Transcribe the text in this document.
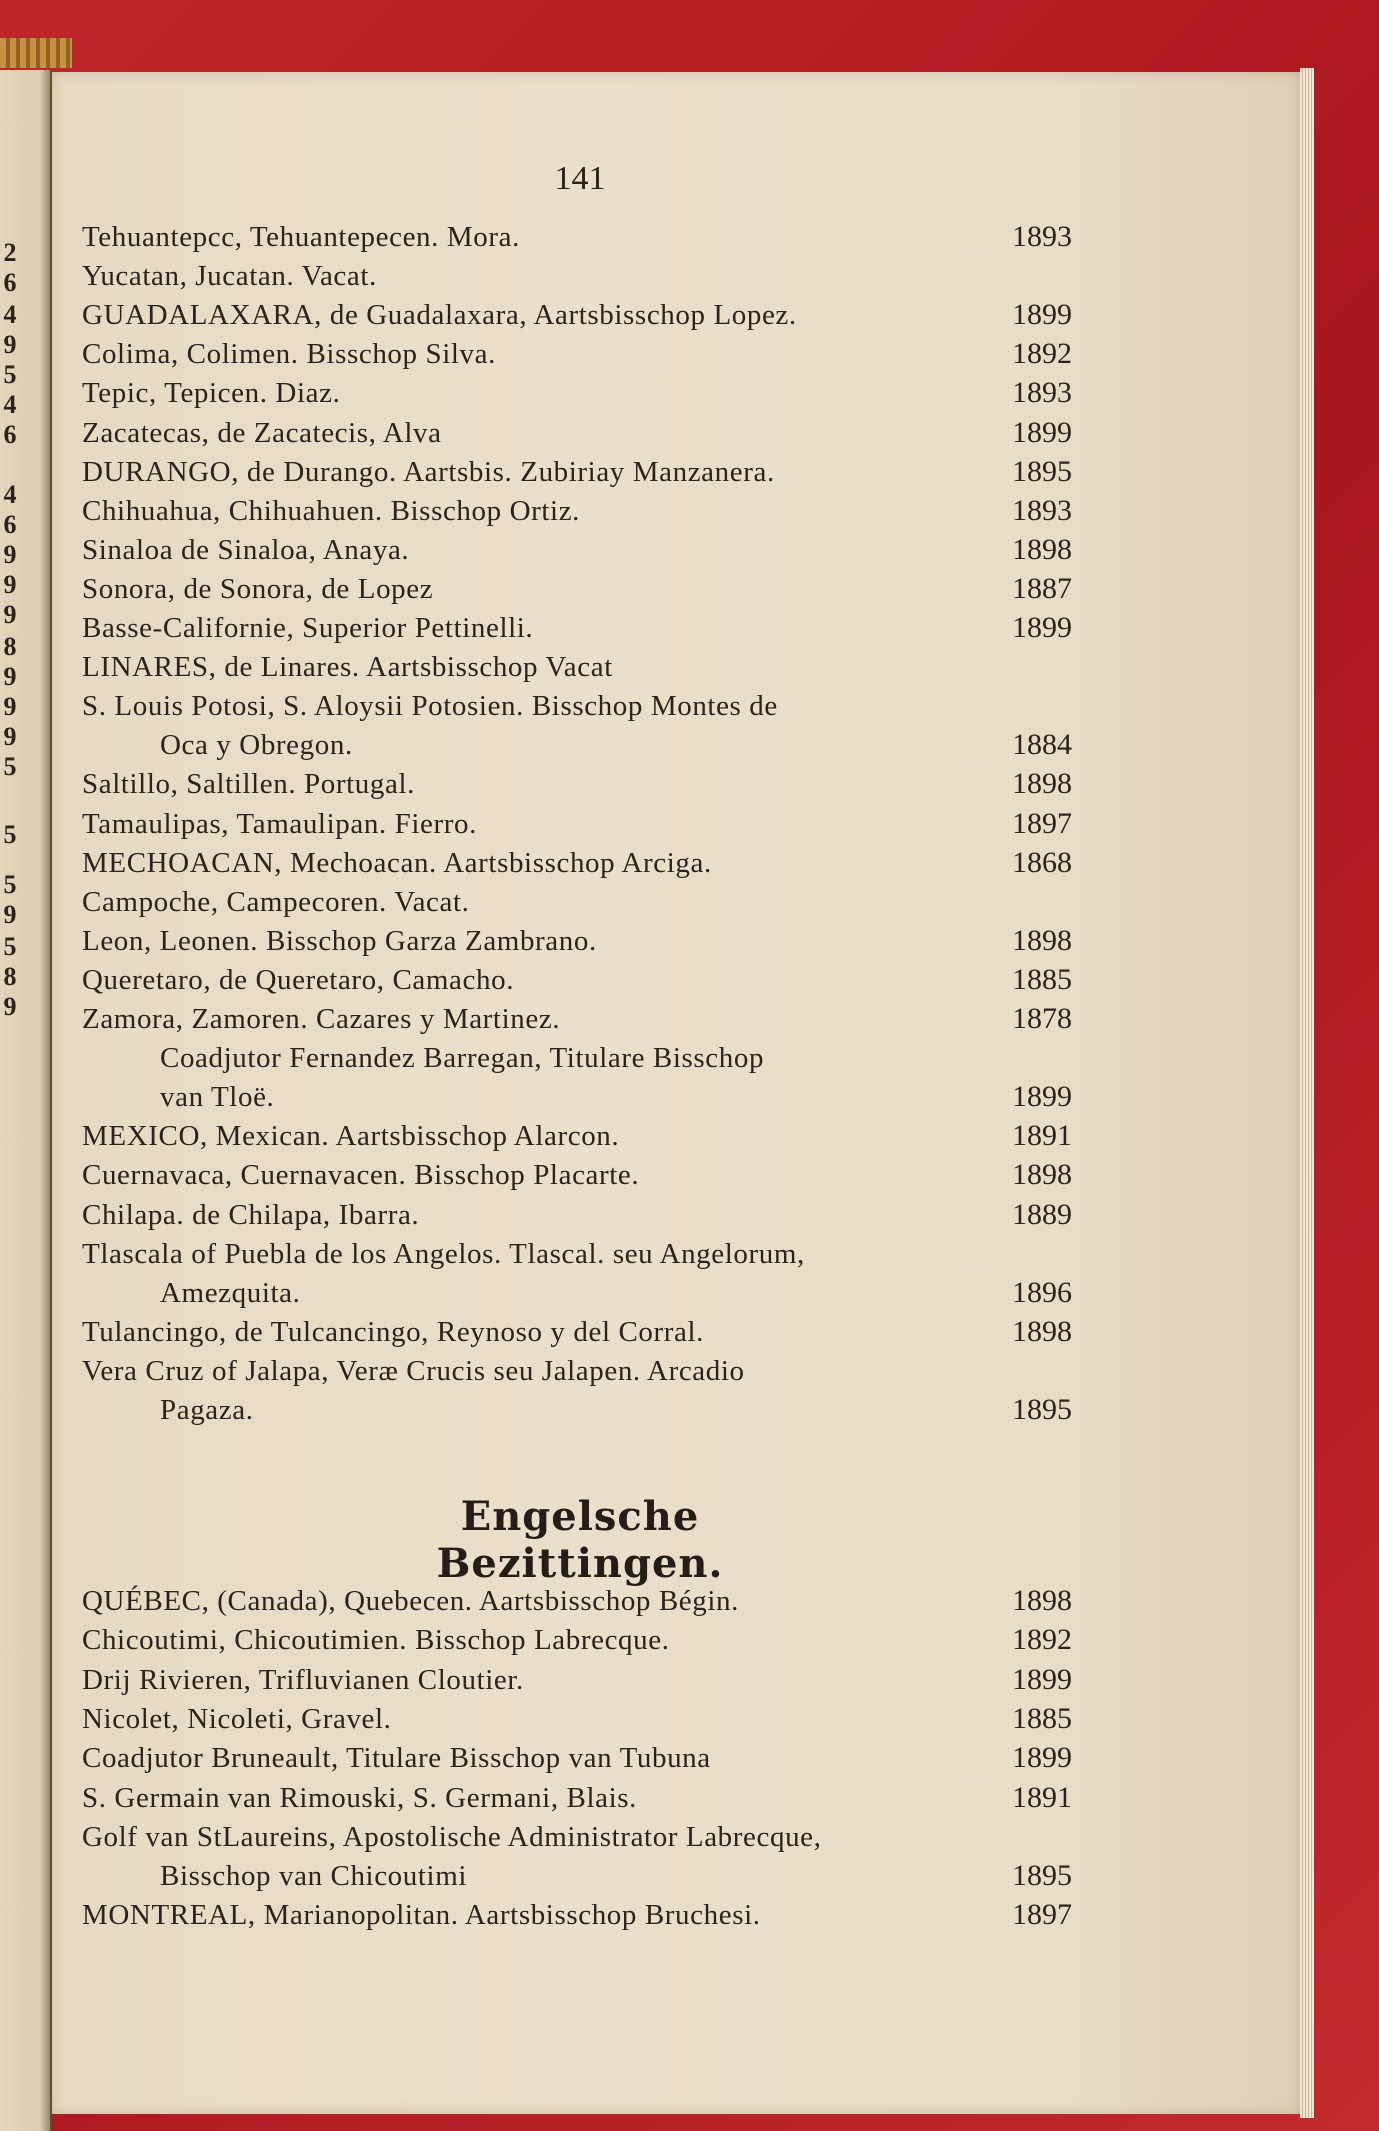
2
6
4
9
5
4
6
4
6
9
9
9
8
9
9
9
5
5
5
9
5
8
9
141
Tehuantepcc, Tehuantepecen. Mora.	1893
Yucatan, Jucatan. Vacat.
GUADALAXARA, de Guadalaxara, Aartsbisschop Lopez.	1899
Colima, Colimen. Bisschop Silva.	1892
Tepic, Tepicen. Diaz.	1893
Zacatecas, de Zacatecis, Alva	1899
DURANGO, de Durango. Aartsbis. Zubiriay Manzanera.	1895
Chihuahua, Chihuahuen. Bisschop Ortiz.	1893
Sinaloa de Sinaloa, Anaya.	1898
Sonora, de Sonora, de Lopez	1887
Basse-Californie, Superior Pettinelli.	1899
LINARES, de Linares. Aartsbisschop Vacat
S. Louis Potosi, S. Aloysii Potosien. Bisschop Montes de
Oca y Obregon.	1884
Saltillo, Saltillen. Portugal.	1898
Tamaulipas, Tamaulipan. Fierro.	1897
MECHOACAN, Mechoacan. Aartsbisschop Arciga.	1868
Campoche, Campecoren. Vacat.
Leon, Leonen. Bisschop Garza Zambrano.	1898
Queretaro, de Queretaro, Camacho.	1885
Zamora, Zamoren. Cazares y Martinez.	1878
Coadjutor Fernandez Barregan, Titulare Bisschop
van Tloë.	1899
MEXICO, Mexican. Aartsbisschop Alarcon.	1891
Cuernavaca, Cuernavacen. Bisschop Placarte.	1898
Chilapa. de Chilapa, Ibarra.	1889
Tlascala of Puebla de los Angelos. Tlascal. seu Angelorum,
Amezquita.	1896
Tulancingo, de Tulcancingo, Reynoso y del Corral.	1898
Vera Cruz of Jalapa, Veræ Crucis seu Jalapen. Arcadio
Pagaza.	1895
Engelsche Bezittingen.
QUÉBEC, (Canada), Quebecen. Aartsbisschop Bégin.	1898
Chicoutimi, Chicoutimien. Bisschop Labrecque.	1892
Drij Rivieren, Trifluvianen Cloutier.	1899
Nicolet, Nicoleti, Gravel.	1885
Coadjutor Bruneault, Titulare Bisschop van Tubuna	1899
S. Germain van Rimouski, S. Germani, Blais.	1891
Golf van StLaureins, Apostolische Administrator Labrecque,
Bisschop van Chicoutimi	1895
MONTREAL, Marianopolitan. Aartsbisschop Bruchesi.	1897
